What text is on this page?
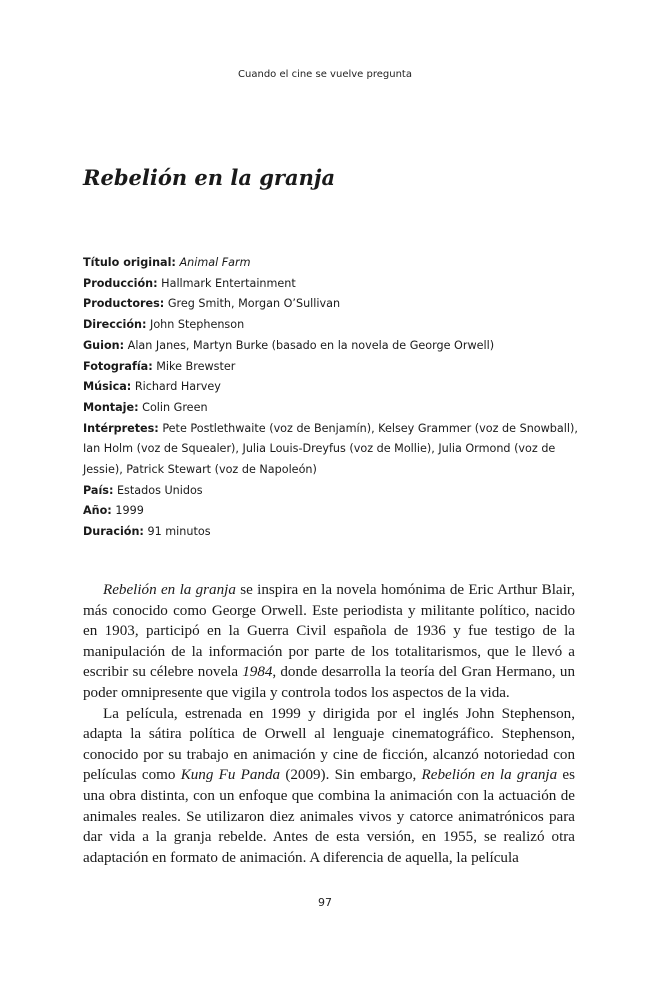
Cuando el cine se vuelve pregunta
Rebelión en la granja
Título original: Animal Farm
Producción: Hallmark Entertainment
Productores: Greg Smith, Morgan O’Sullivan
Dirección: John Stephenson
Guion: Alan Janes, Martyn Burke (basado en la novela de George Orwell)
Fotografía: Mike Brewster
Música: Richard Harvey
Montaje: Colin Green
Intérpretes: Pete Postlethwaite (voz de Benjamín), Kelsey Grammer (voz de Snowball), Ian Holm (voz de Squealer), Julia Louis-Dreyfus (voz de Mollie), Julia Ormond (voz de Jessie), Patrick Stewart (voz de Napoleón)
País: Estados Unidos
Año: 1999
Duración: 91 minutos

Rebelión en la granja se inspira en la novela homónima de Eric Arthur Blair, más conocido como George Orwell. Este periodista y militante político, nacido en 1903, participó en la Guerra Civil española de 1936 y fue testigo de la manipulación de la información por parte de los totalitarismos, que le llevó a escribir su célebre novela 1984, donde desarrolla la teoría del Gran Hermano, un poder omnipresente que vigila y controla todos los aspectos de la vida.

La película, estrenada en 1999 y dirigida por el inglés John Stephenson, adapta la sátira política de Orwell al lenguaje cinematográfico. Stephenson, conocido por su trabajo en animación y cine de ficción, alcanzó notoriedad con películas como Kung Fu Panda (2009). Sin embargo, Rebelión en la granja es una obra distinta, con un enfoque que combina la animación con la actuación de animales reales. Se utilizaron diez animales vivos y catorce animatrónicos para dar vida a la granja rebelde. Antes de esta versión, en 1955, se realizó otra adaptación en formato de animación. A diferencia de aquella, la película

97
